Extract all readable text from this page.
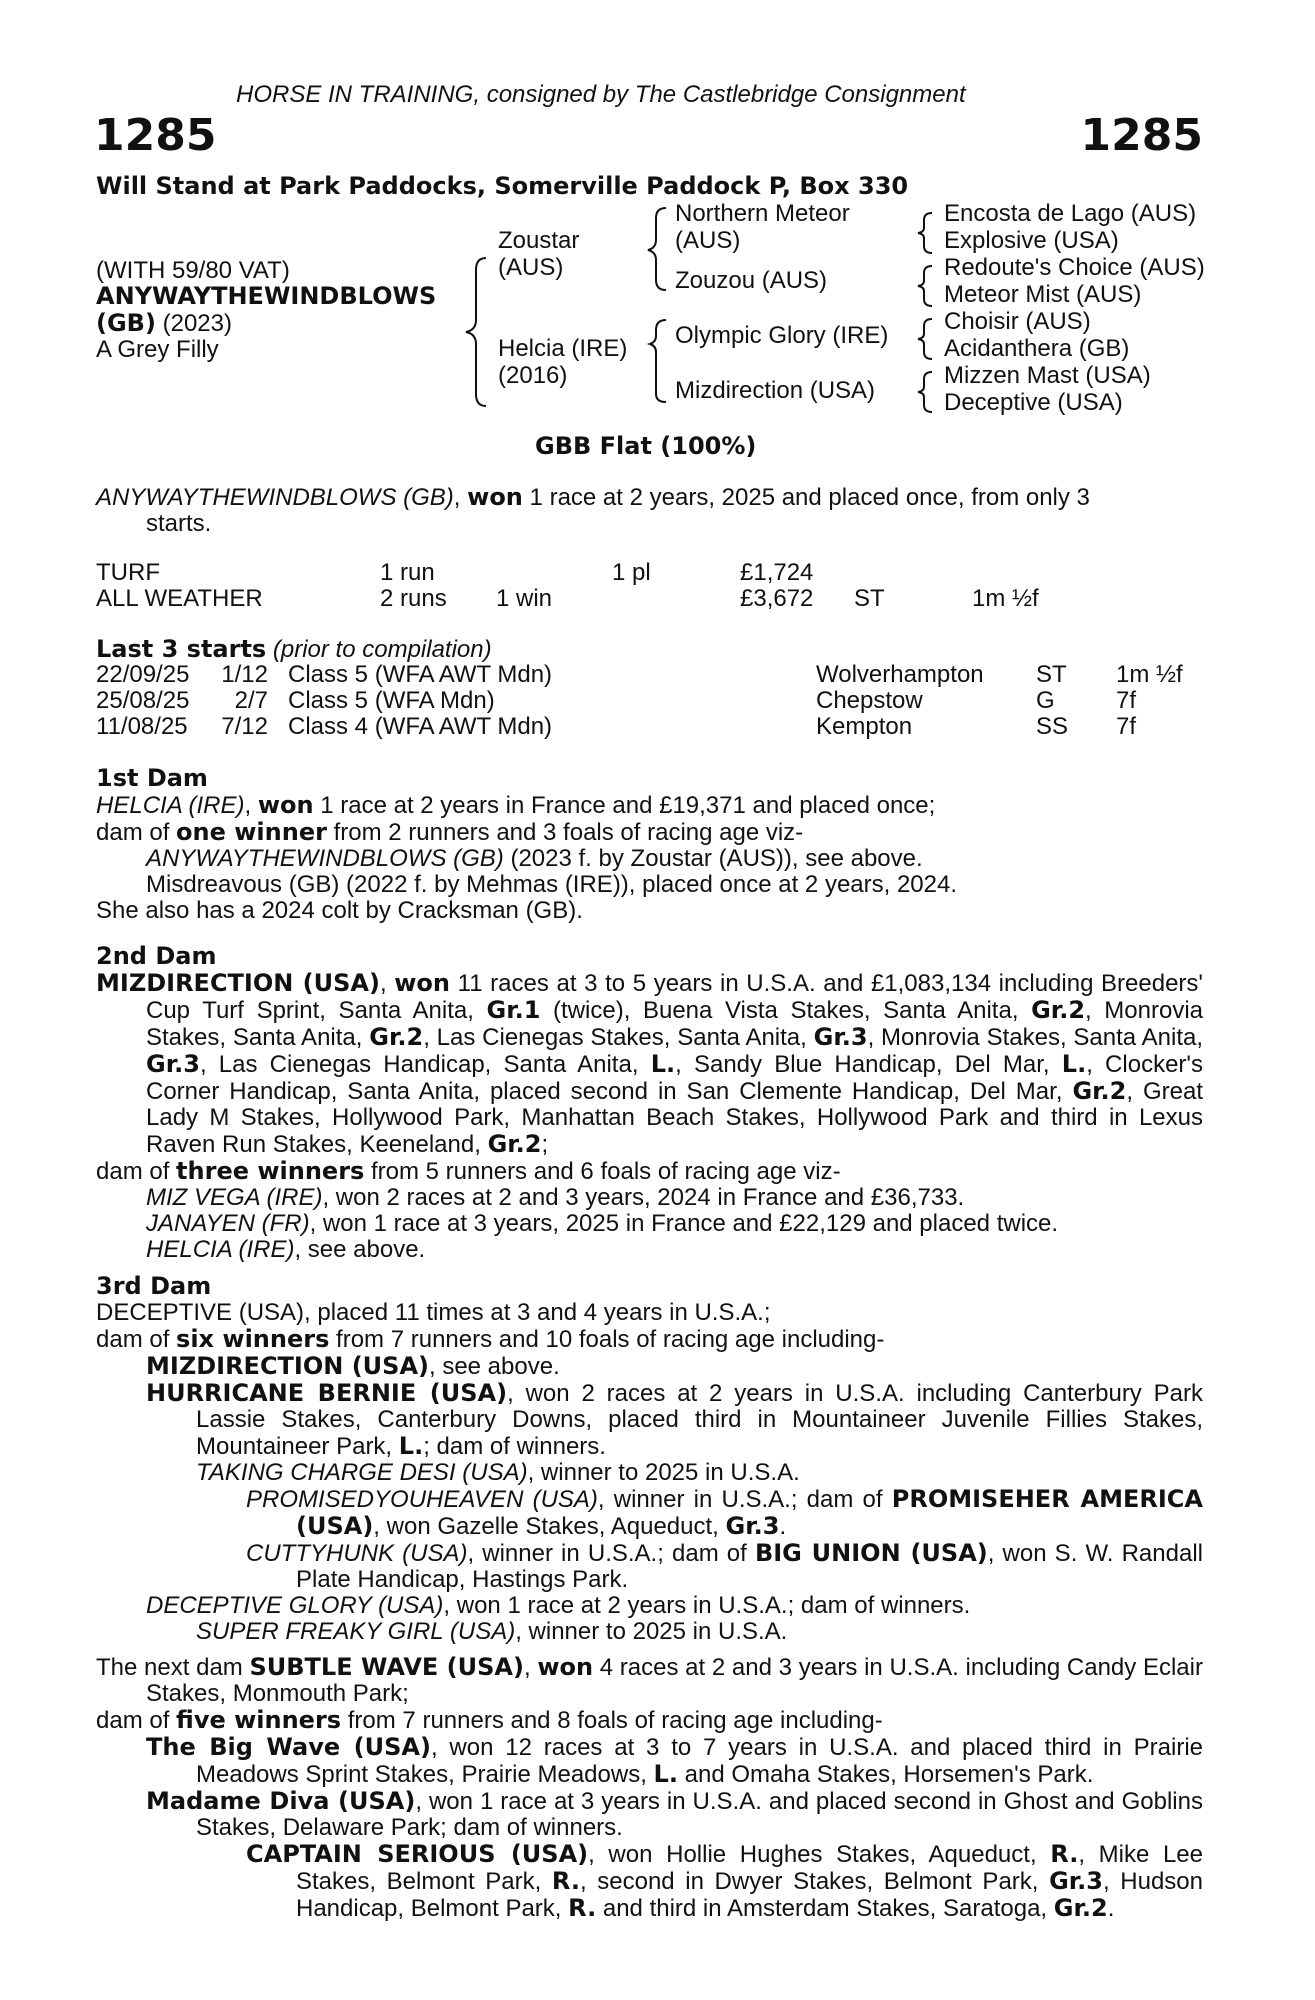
HORSE IN TRAINING, consigned by The Castlebridge Consignment
1285	1285
Will Stand at Park Paddocks, Somerville Paddock P, Box 330
(WITH 59/80 VAT)
ANYWAYTHEWINDBLOWS
(GB) (2023)
A Grey Filly
Zoustar
(AUS)
Helcia (IRE)
(2016)
Northern Meteor
(AUS)
Zouzou (AUS)
Olympic Glory (IRE)
Mizdirection (USA)
Encosta de Lago (AUS)
Explosive (USA)
Redoute's Choice (AUS)
Meteor Mist (AUS)
Choisir (AUS)
Acidanthera (GB)
Mizzen Mast (USA)
Deceptive (USA)
GBB Flat (100%)

ANYWAYTHEWINDBLOWS (GB), won 1 race at 2 years, 2025 and placed once, from only 3

starts.

TURF	1 run	1 pl	£1,724
ALL WEATHER	2 runs 1 win	£3,672 ST	1m ½f
Last 3 starts (prior to compilation)
22/09/25 1/12 Class 5 (WFA AWT Mdn)	Wolverhampton ST 1m ½f
25/08/25	2/7 Class 5 (WFA Mdn)	Chepstow	G	7f
11/08/25 7/12 Class 4 (WFA AWT Mdn)	Kempton	SS 7f
1st Dam

HELCIA (IRE), won 1 race at 2 years in France and £19,371 and placed once;

dam of one winner from 2 runners and 3 foals of racing age viz-

ANYWAYTHEWINDBLOWS (GB) (2023 f. by Zoustar (AUS)), see above.

Misdreavous (GB) (2022 f. by Mehmas (IRE)), placed once at 2 years, 2024.

She also has a 2024 colt by Cracksman (GB).

2nd Dam

MIZDIRECTION (USA), won 11 races at 3 to 5 years in U.S.A. and £1,083,134 including Breeders' Cup Turf Sprint, Santa Anita, Gr.1 (twice), Buena Vista Stakes, Santa Anita, Gr.2, Monrovia Stakes, Santa Anita, Gr.2, Las Cienegas Stakes, Santa Anita, Gr.3, Monrovia Stakes, Santa Anita, Gr.3, Las Cienegas Handicap, Santa Anita, L., Sandy Blue Handicap, Del Mar, L., Clocker's Corner Handicap, Santa Anita, placed second in San Clemente Handicap, Del Mar, Gr.2, Great Lady M Stakes, Hollywood Park, Manhattan Beach Stakes, Hollywood Park and third in Lexus Raven Run Stakes, Keeneland, Gr.2;

dam of three winners from 5 runners and 6 foals of racing age viz-

MIZ VEGA (IRE), won 2 races at 2 and 3 years, 2024 in France and £36,733.

JANAYEN (FR), won 1 race at 3 years, 2025 in France and £22,129 and placed twice.

HELCIA (IRE), see above.

3rd Dam

DECEPTIVE (USA), placed 11 times at 3 and 4 years in U.S.A.;

dam of six winners from 7 runners and 10 foals of racing age including-

MIZDIRECTION (USA), see above.

HURRICANE BERNIE (USA), won 2 races at 2 years in U.S.A. including Canterbury Park Lassie Stakes, Canterbury Downs, placed third in Mountaineer Juvenile Fillies Stakes, Mountaineer Park, L.; dam of winners.

TAKING CHARGE DESI (USA), winner to 2025 in U.S.A.

PROMISEDYOUHEAVEN (USA), winner in U.S.A.; dam of PROMISEHER AMERICA (USA), won Gazelle Stakes, Aqueduct, Gr.3.

CUTTYHUNK (USA), winner in U.S.A.; dam of BIG UNION (USA), won S. W. Randall Plate Handicap, Hastings Park.

DECEPTIVE GLORY (USA), won 1 race at 2 years in U.S.A.; dam of winners.

SUPER FREAKY GIRL (USA), winner to 2025 in U.S.A.

The next dam SUBTLE WAVE (USA), won 4 races at 2 and 3 years in U.S.A. including Candy Eclair Stakes, Monmouth Park;

dam of five winners from 7 runners and 8 foals of racing age including-

The Big Wave (USA), won 12 races at 3 to 7 years in U.S.A. and placed third in Prairie Meadows Sprint Stakes, Prairie Meadows, L. and Omaha Stakes, Horsemen's Park.

Madame Diva (USA), won 1 race at 3 years in U.S.A. and placed second in Ghost and Goblins Stakes, Delaware Park; dam of winners.

CAPTAIN SERIOUS (USA), won Hollie Hughes Stakes, Aqueduct, R., Mike Lee Stakes, Belmont Park, R., second in Dwyer Stakes, Belmont Park, Gr.3, Hudson Handicap, Belmont Park, R. and third in Amsterdam Stakes, Saratoga, Gr.2.
